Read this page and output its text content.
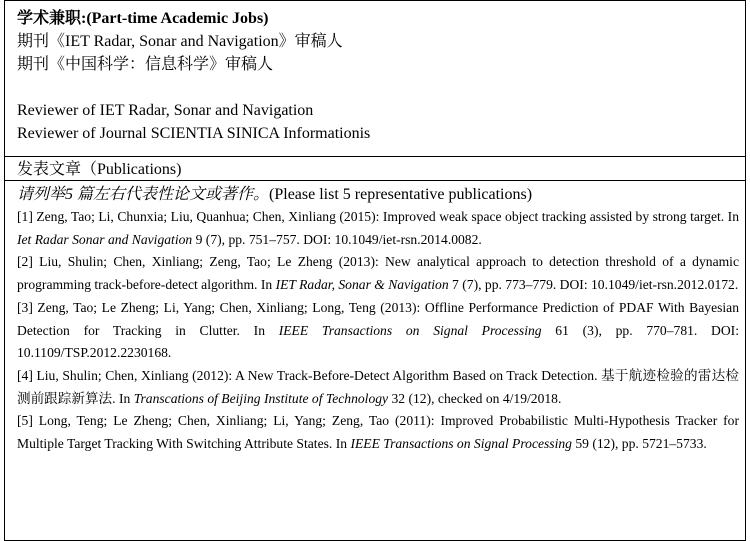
学术兼职:(Part-time Academic Jobs)
期刊《IET Radar, Sonar and Navigation》审稿人
期刊《中国科学：信息科学》审稿人
Reviewer of IET Radar, Sonar and Navigation
Reviewer of Journal SCIENTIA SINICA Informationis
发表文章（Publications)
请列举5 篇左右代表性论文或著作。(Please list 5 representative publications)
[1] Zeng, Tao; Li, Chunxia; Liu, Quanhua; Chen, Xinliang (2015): Improved weak space object tracking assisted by strong target. In Iet Radar Sonar and Navigation 9 (7), pp. 751–757. DOI: 10.1049/iet-rsn.2014.0082.
[2] Liu, Shulin; Chen, Xinliang; Zeng, Tao; Le Zheng (2013): New analytical approach to detection threshold of a dynamic programming track-before-detect algorithm. In IET Radar, Sonar & Navigation 7 (7), pp. 773–779. DOI: 10.1049/iet-rsn.2012.0172.
[3] Zeng, Tao; Le Zheng; Li, Yang; Chen, Xinliang; Long, Teng (2013): Offline Performance Prediction of PDAF With Bayesian Detection for Tracking in Clutter. In IEEE Transactions on Signal Processing 61 (3), pp. 770–781. DOI: 10.1109/TSP.2012.2230168.
[4] Liu, Shulin; Chen, Xinliang (2012): A New Track-Before-Detect Algorithm Based on Track Detection. 基于航迹检验的雷达检测前跟踪新算法. In Transcations of Beijing Institute of Technology 32 (12), checked on 4/19/2018.
[5] Long, Teng; Le Zheng; Chen, Xinliang; Li, Yang; Zeng, Tao (2011): Improved Probabilistic Multi-Hypothesis Tracker for Multiple Target Tracking With Switching Attribute States. In IEEE Transactions on Signal Processing 59 (12), pp. 5721–5733.
